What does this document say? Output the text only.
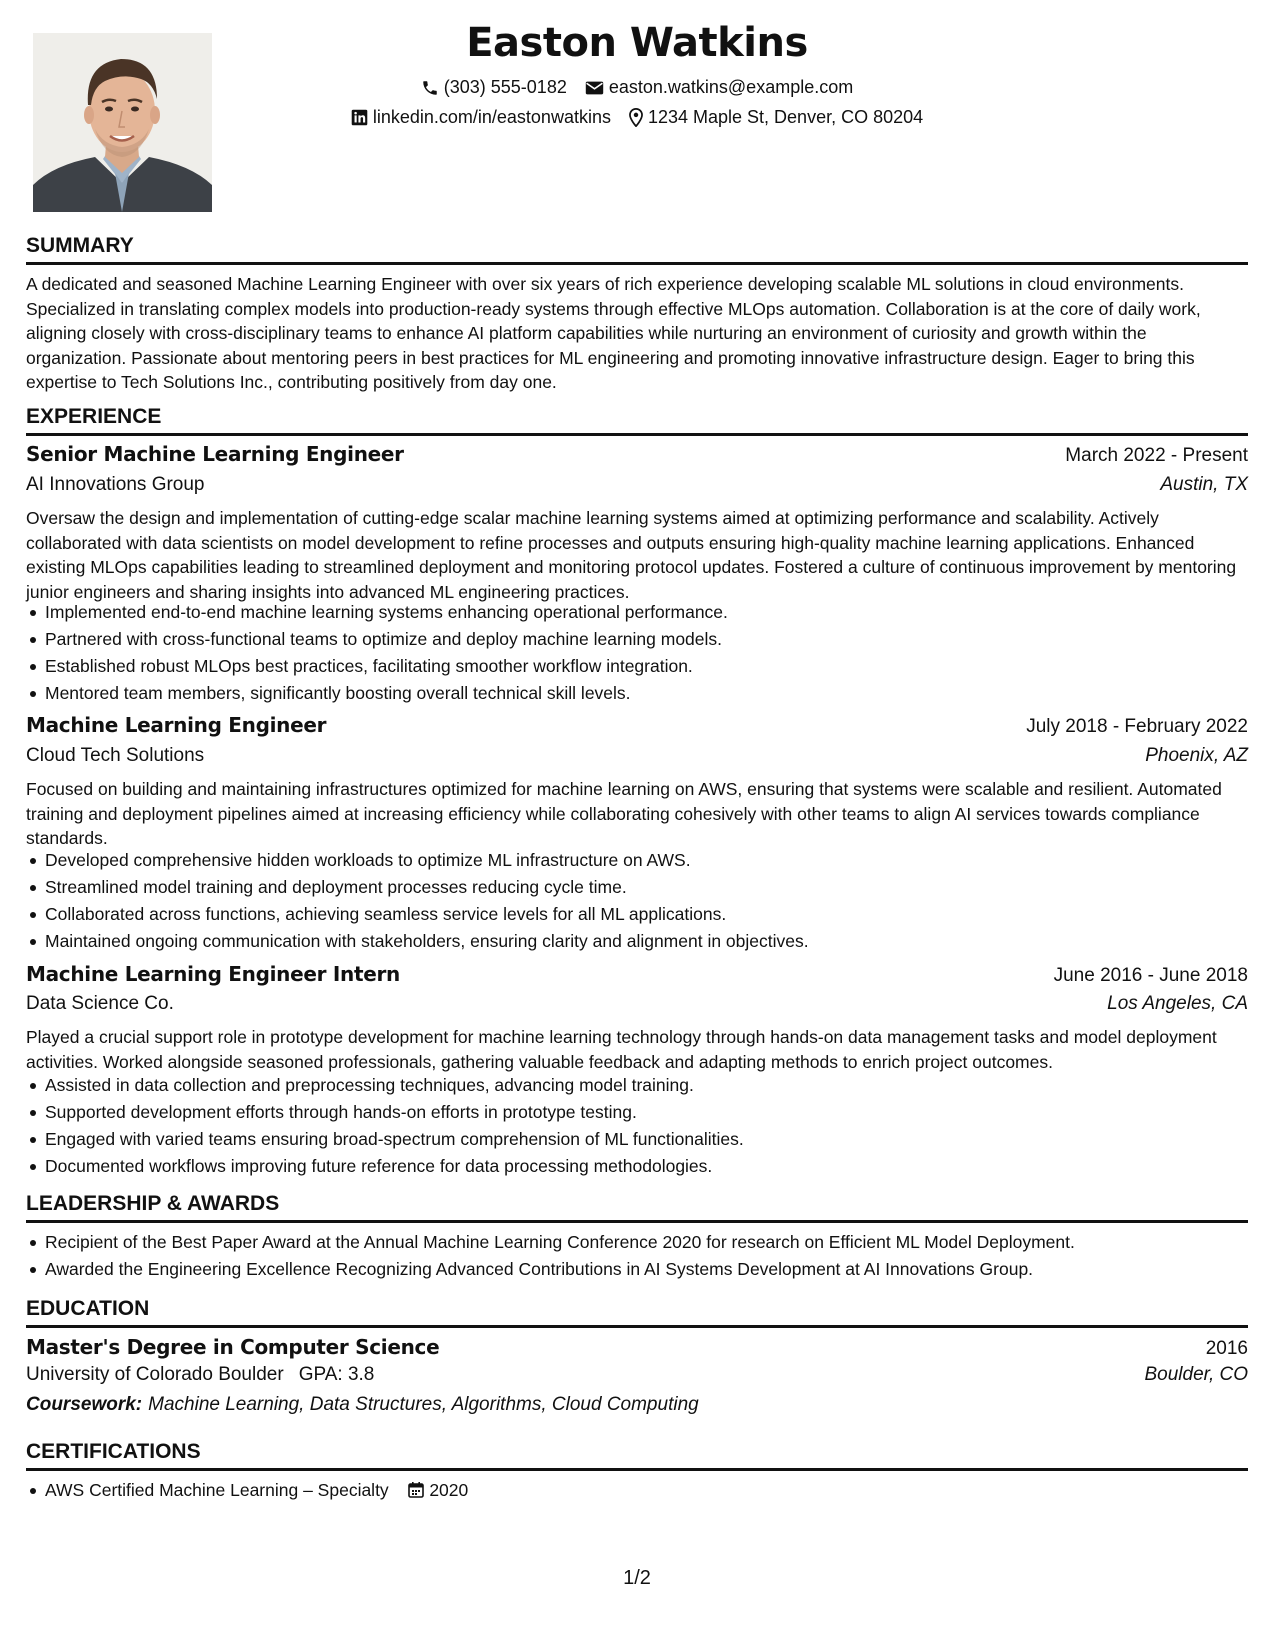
Easton Watkins
(303) 555-0182 easton.watkins@example.com
linkedin.com/in/eastonwatkins 1234 Maple St, Denver, CO 80204
SUMMARY

A dedicated and seasoned Machine Learning Engineer with over six years of rich experience developing scalable ML solutions in cloud environments. Specialized in translating complex models into production-ready systems through effective MLOps automation. Collaboration is at the core of daily work, aligning closely with cross-disciplinary teams to enhance AI platform capabilities while nurturing an environment of curiosity and growth within the organization. Passionate about mentoring peers in best practices for ML engineering and promoting innovative infrastructure design. Eager to bring this expertise to Tech Solutions Inc., contributing positively from day one.

EXPERIENCE
Senior Machine Learning Engineer	March 2022 - Present
AI Innovations Group	Austin, TX

Oversaw the design and implementation of cutting-edge scalar machine learning systems aimed at optimizing performance and scalability. Actively collaborated with data scientists on model development to refine processes and outputs ensuring high-quality machine learning applications. Enhanced existing MLOps capabilities leading to streamlined deployment and monitoring protocol updates. Fostered a culture of continuous improvement by mentoring junior engineers and sharing insights into advanced ML engineering practices.

Implemented end-to-end machine learning systems enhancing operational performance.
Partnered with cross-functional teams to optimize and deploy machine learning models.
Established robust MLOps best practices, facilitating smoother workflow integration.
Mentored team members, significantly boosting overall technical skill levels.
Machine Learning Engineer	July 2018 - February 2022
Cloud Tech Solutions	Phoenix, AZ

Focused on building and maintaining infrastructures optimized for machine learning on AWS, ensuring that systems were scalable and resilient. Automated training and deployment pipelines aimed at increasing efficiency while collaborating cohesively with other teams to align AI services towards compliance standards.

Developed comprehensive hidden workloads to optimize ML infrastructure on AWS.
Streamlined model training and deployment processes reducing cycle time.
Collaborated across functions, achieving seamless service levels for all ML applications.
Maintained ongoing communication with stakeholders, ensuring clarity and alignment in objectives.
Machine Learning Engineer Intern	June 2016 - June 2018
Data Science Co.	Los Angeles, CA

Played a crucial support role in prototype development for machine learning technology through hands-on data management tasks and model deployment activities. Worked alongside seasoned professionals, gathering valuable feedback and adapting methods to enrich project outcomes.

Assisted in data collection and preprocessing techniques, advancing model training.
Supported development efforts through hands-on efforts in prototype testing.
Engaged with varied teams ensuring broad-spectrum comprehension of ML functionalities.
Documented workflows improving future reference for data processing methodologies.
LEADERSHIP & AWARDS
Recipient of the Best Paper Award at the Annual Machine Learning Conference 2020 for research on Efficient ML Model Deployment.
Awarded the Engineering Excellence Recognizing Advanced Contributions in AI Systems Development at AI Innovations Group.
EDUCATION
Master's Degree in Computer Science	2016
University of Colorado Boulder GPA: 3.8	Boulder, CO
Coursework: Machine Learning, Data Structures, Algorithms, Cloud Computing
CERTIFICATIONS
AWS Certified Machine Learning – Specialty 2020
1/2
